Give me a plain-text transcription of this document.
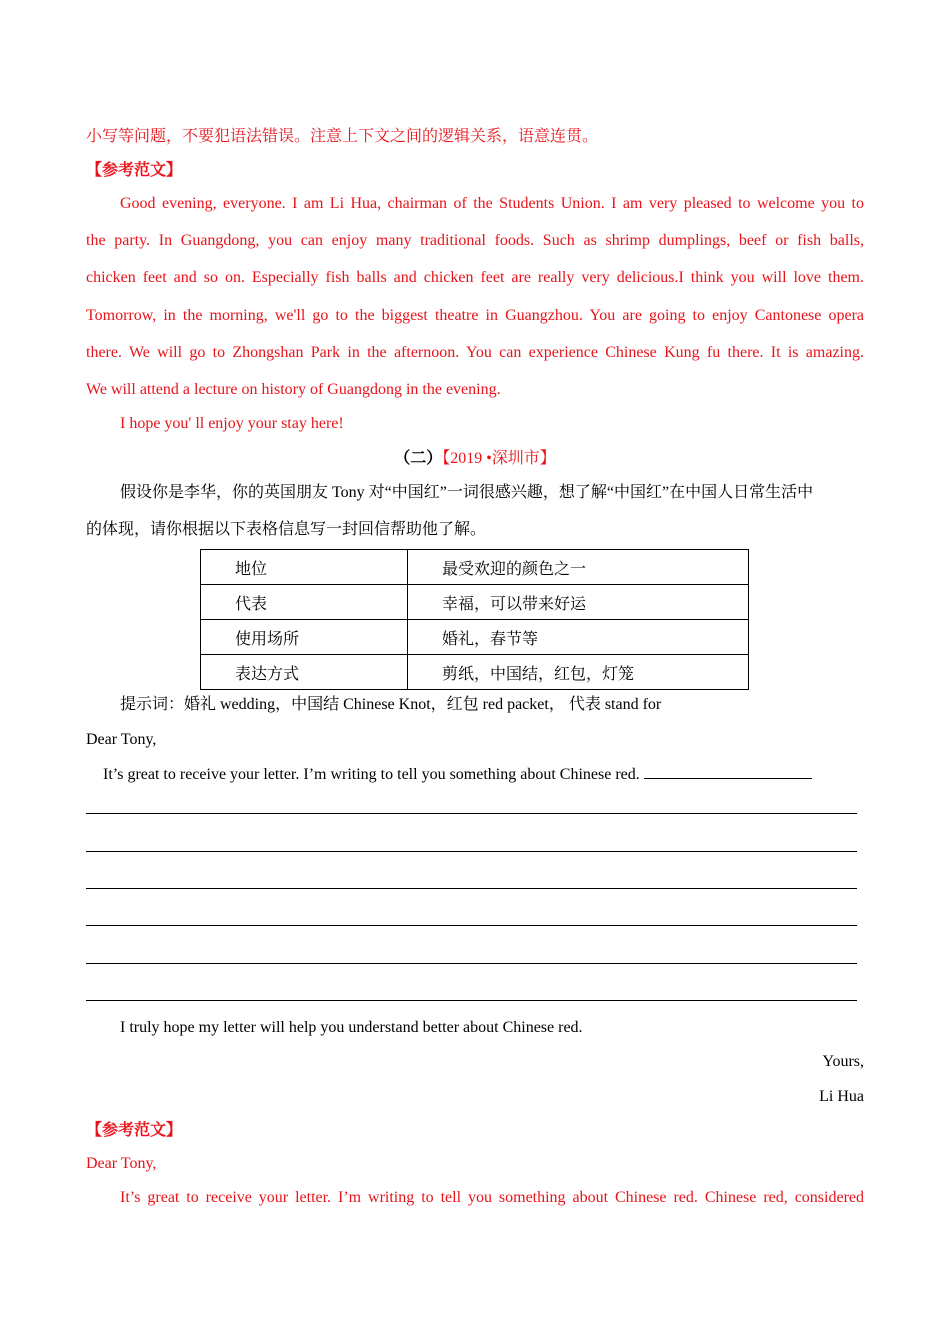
小写等问题，不要犯语法错误。注意上下文之间的逻辑关系，语意连贯。
【参考范文】
Good evening, everyone. I am Li Hua, chairman of the Students Union. I am very pleased to welcome you to
the party. In Guangdong, you can enjoy many traditional foods. Such as shrimp dumplings, beef or fish balls,
chicken feet and so on. Especially fish balls and chicken feet are really very delicious.I think you will love them.
Tomorrow, in the morning, we'll go to the biggest theatre in Guangzhou. You are going to enjoy Cantonese opera
there. We will go to Zhongshan Park in the afternoon. You can experience Chinese Kung fu there. It is amazing.
We will attend a lecture on history of Guangdong in the evening.
I hope you' ll enjoy your stay here!
（二）【2019 •深圳市】
假设你是李华，你的英国朋友 Tony 对“中国红”一词很感兴趣，想了解“中国红”在中国人日常生活中
的体现，请你根据以下表格信息写一封回信帮助他了解。
地位	最受欢迎的颜色之一
代表	幸福，可以带来好运
使用场所	婚礼，春节等
表达方式	剪纸，中国结，红包，灯笼
提示词：婚礼 wedding，中国结 Chinese Knot，红包 red packet， 代表 stand for
Dear Tony,
It’s great to receive your letter. I’m writing to tell you something about Chinese red.
I truly hope my letter will help you understand better about Chinese red.
Yours,
Li Hua
【参考范文】
Dear Tony,
It’s great to receive your letter. I’m writing to tell you something about Chinese red. Chinese red, considered
